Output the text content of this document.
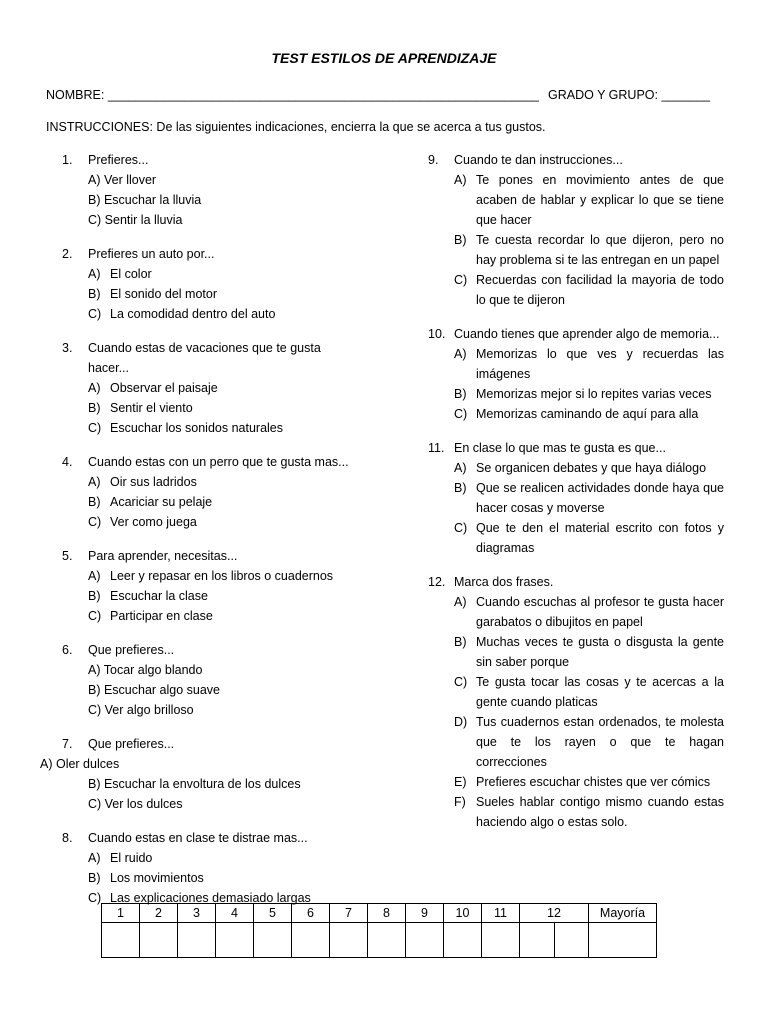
TEST ESTILOS DE APRENDIZAJE
NOMBRE: ______________________________________________________________ GRADO Y GRUPO: _______
INSTRUCCIONES: De las siguientes indicaciones, encierra la que se acerca a tus gustos.
1.	Prefieres...
A) Ver llover
B) Escuchar la lluvia
C) Sentir la lluvia
2.	Prefieres un auto por...
A) El color
B) El sonido del motor
C) La comodidad dentro del auto
3.	Cuando estas de vacaciones que te gusta hacer...
A) Observar el paisaje
B) Sentir el viento
C) Escuchar los sonidos naturales
4.	Cuando estas con un perro que te gusta mas...
A) Oir sus ladridos
B) Acariciar su pelaje
C) Ver como juega
5.	Para aprender, necesitas...
A) Leer y repasar en los libros o cuadernos
B) Escuchar la clase
C) Participar en clase
6.	Que prefieres...
A) Tocar algo blando
B) Escuchar algo suave
C) Ver algo brilloso
7.	Que prefieres...
A) Oler dulces
B) Escuchar la envoltura de los dulces
C) Ver los dulces
8.	Cuando estas en clase te distrae mas...
A) El ruido
B) Los movimientos
C) Las explicaciones demasiado largas
9.	Cuando te dan instrucciones...
A) Te pones en movimiento antes de que acaben de hablar y explicar lo que se tiene que hacer
B) Te cuesta recordar lo que dijeron, pero no hay problema si te las entregan en un papel
C) Recuerdas con facilidad la mayoria de todo lo que te dijeron
10. Cuando tienes que aprender algo de memoria...
A) Memorizas lo que ves y recuerdas las imágenes
B) Memorizas mejor si lo repites varias veces
C) Memorizas caminando de aquí para alla
11. En clase lo que mas te gusta es que...
A) Se organicen debates y que haya diálogo
B) Que se realicen actividades donde haya que hacer cosas y moverse
C) Que te den el material escrito con fotos y diagramas
12. Marca dos frases.
A) Cuando escuchas al profesor te gusta hacer garabatos o dibujitos en papel
B) Muchas veces te gusta o disgusta la gente sin saber porque
C) Te gusta tocar las cosas y te acercas a la gente cuando platicas
D) Tus cuadernos estan ordenados, te molesta que te los rayen o que te hagan correcciones
E) Prefieres escuchar chistes que ver cómics
F) Sueles hablar contigo mismo cuando estas haciendo algo o estas solo.
1	2	3	4	5	6	7	8	9	10	11	12		Mayoría
